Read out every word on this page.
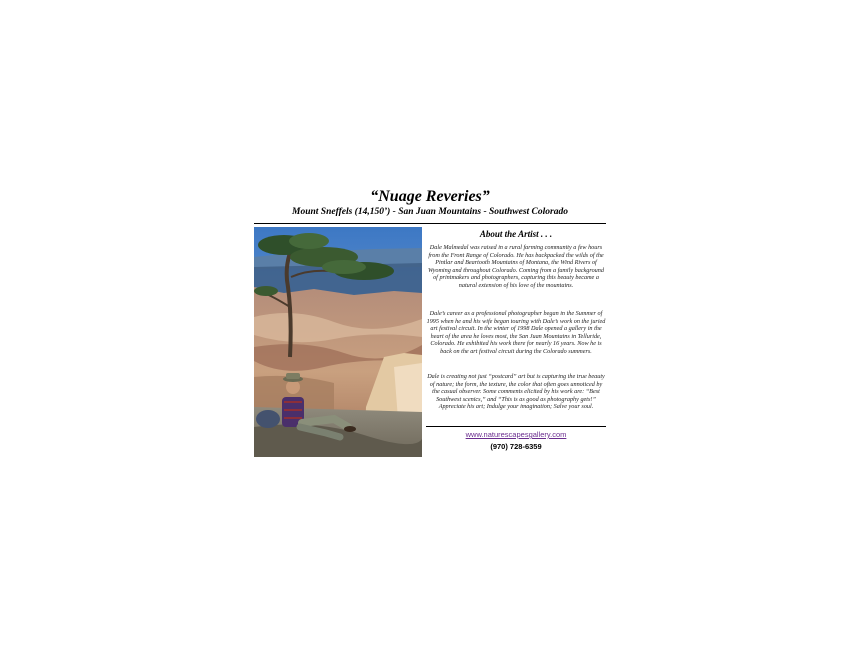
“Nuage Reveries”
Mount Sneffels (14,150’) - San Juan Mountains - Southwest Colorado
About the Artist . . .

Dale Malmedal was raised in a rural farming community a few hours from the Front Range of Colorado. He has backpacked the wilds of the Pintlar and Beartooth Mountains of Montana, the Wind Rivers of Wyoming and throughout Colorado. Coming from a family background of printmakers and photographers, capturing this beauty became a natural extension of his love of the mountains.

Dale’s career as a professional photographer began in the Summer of 1995 when he and his wife began touring with Dale’s work on the juried art festival circuit. In the winter of 1998 Dale opened a gallery in the heart of the area he loves most, the San Juan Mountains in Telluride, Colorado. He exhibited his work there for nearly 16 years. Now he is back on the art festival circuit during the Colorado summers.

Dale is creating not just “postcard” art but is capturing the true beauty of nature; the form, the texture, the color that often goes unnoticed by the casual observer. Some comments elicited by his work are: “Best Southwest scenics,” and “This is as good as photography gets!” Appreciate his art; Indulge your imagination; Salve your soul.

www.naturescapesgallery.com
(970) 728-6359
